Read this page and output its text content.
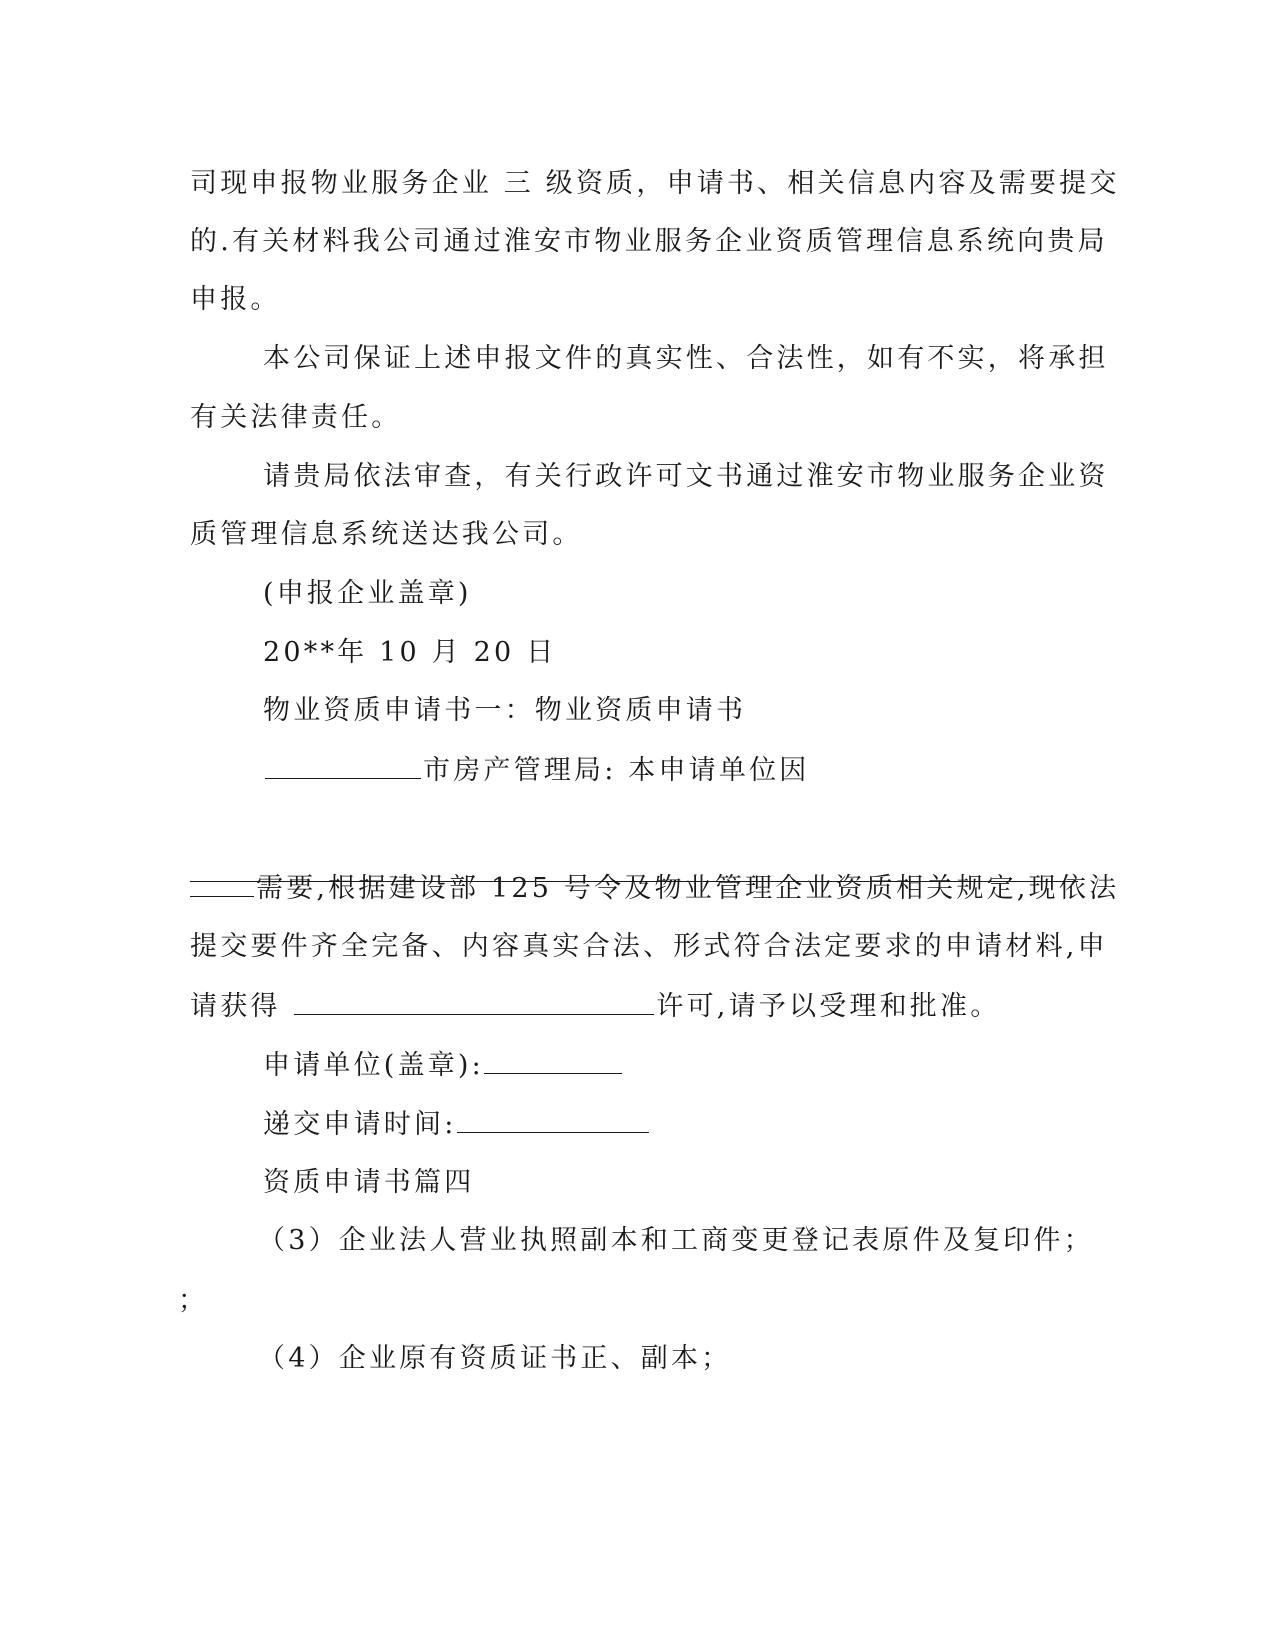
司现申报物业服务企业 三 级资质，申请书、相关信息内容及需要提交
的.有关材料我公司通过淮安市物业服务企业资质管理信息系统向贵局
申报。
本公司保证上述申报文件的真实性、合法性，如有不实，将承担
有关法律责任。
请贵局依法审查，有关行政许可文书通过淮安市物业服务企业资
质管理信息系统送达我公司。
(申报企业盖章)
20**年 10 月 20 日
物业资质申请书一：物业资质申请书
市房产管理局: 本申请单位因
需要,根据建设部 125 号令及物业管理企业资质相关规定,现依法
提交要件齐全完备、内容真实合法、形式符合法定要求的申请材料,申
请获得	许可,请予以受理和批准。
申请单位(盖章):
递交申请时间:
资质申请书篇四
（3）企业法人营业执照副本和工商变更登记表原件及复印件；
；
（4）企业原有资质证书正、副本；
